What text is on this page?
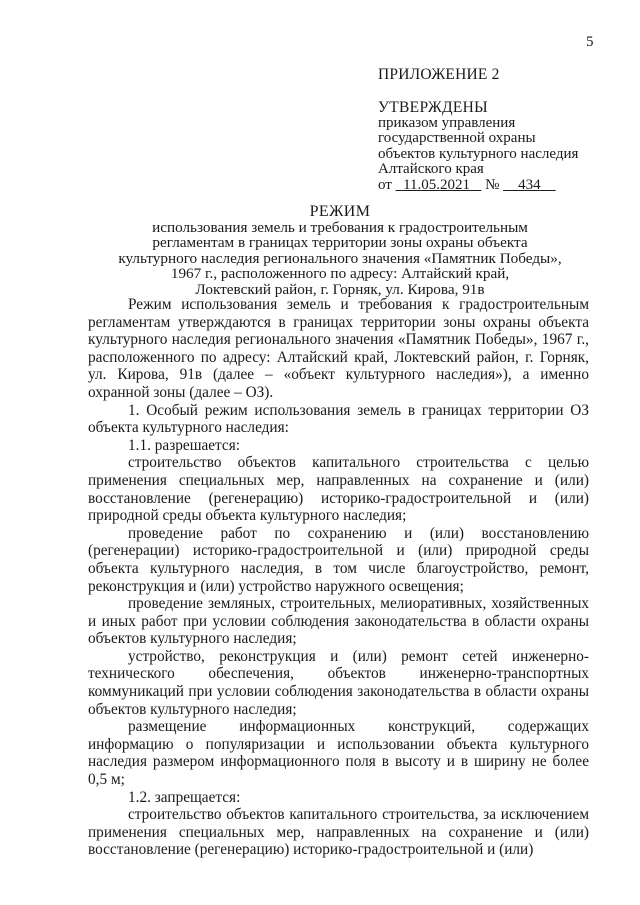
5
ПРИЛОЖЕНИЕ 2
УТВЕРЖДЕНЫ
приказом управления
государственной охраны
объектов культурного наследия
Алтайского края
от 11.05.2021 № 434
РЕЖИМ
использования земель и требования к градостроительным
регламентам в границах территории зоны охраны объекта
культурного наследия регионального значения «Памятник Победы»,
1967 г., расположенного по адресу: Алтайский край,
Локтевский район, г. Горняк, ул. Кирова, 91в

Режим использования земель и требования к градостроительным регламентам утверждаются в границах территории зоны охраны объекта культурного наследия регионального значения «Памятник Победы», 1967 г., расположенного по адресу: Алтайский край, Локтевский район, г. Горняк, ул. Кирова, 91в (далее – «объект культурного наследия»), а именно охранной зоны (далее – ОЗ).

1. Особый режим использования земель в границах территории ОЗ объекта культурного наследия:

1.1. разрешается:

строительство объектов капитального строительства с целью применения специальных мер, направленных на сохранение и (или) восстановление (регенерацию) историко-градостроительной и (или) природной среды объекта культурного наследия;

проведение работ по сохранению и (или) восстановлению (регенерации) историко-градостроительной и (или) природной среды объекта культурного наследия, в том числе благоустройство, ремонт, реконструкция и (или) устройство наружного освещения;

проведение земляных, строительных, мелиоративных, хозяйственных и иных работ при условии соблюдения законодательства в области охраны объектов культурного наследия;

устройство, реконструкция и (или) ремонт сетей инженерно-технического обеспечения, объектов инженерно-транспортных коммуникаций при условии соблюдения законодательства в области охраны объектов культурного наследия;

размещение информационных конструкций, содержащих информацию о популяризации и использовании объекта культурного наследия размером информационного поля в высоту и в ширину не более 0,5 м;

1.2. запрещается:

строительство объектов капитального строительства, за исключением применения специальных мер, направленных на сохранение и (или) восстановление (регенерацию) историко-градостроительной и (или)
